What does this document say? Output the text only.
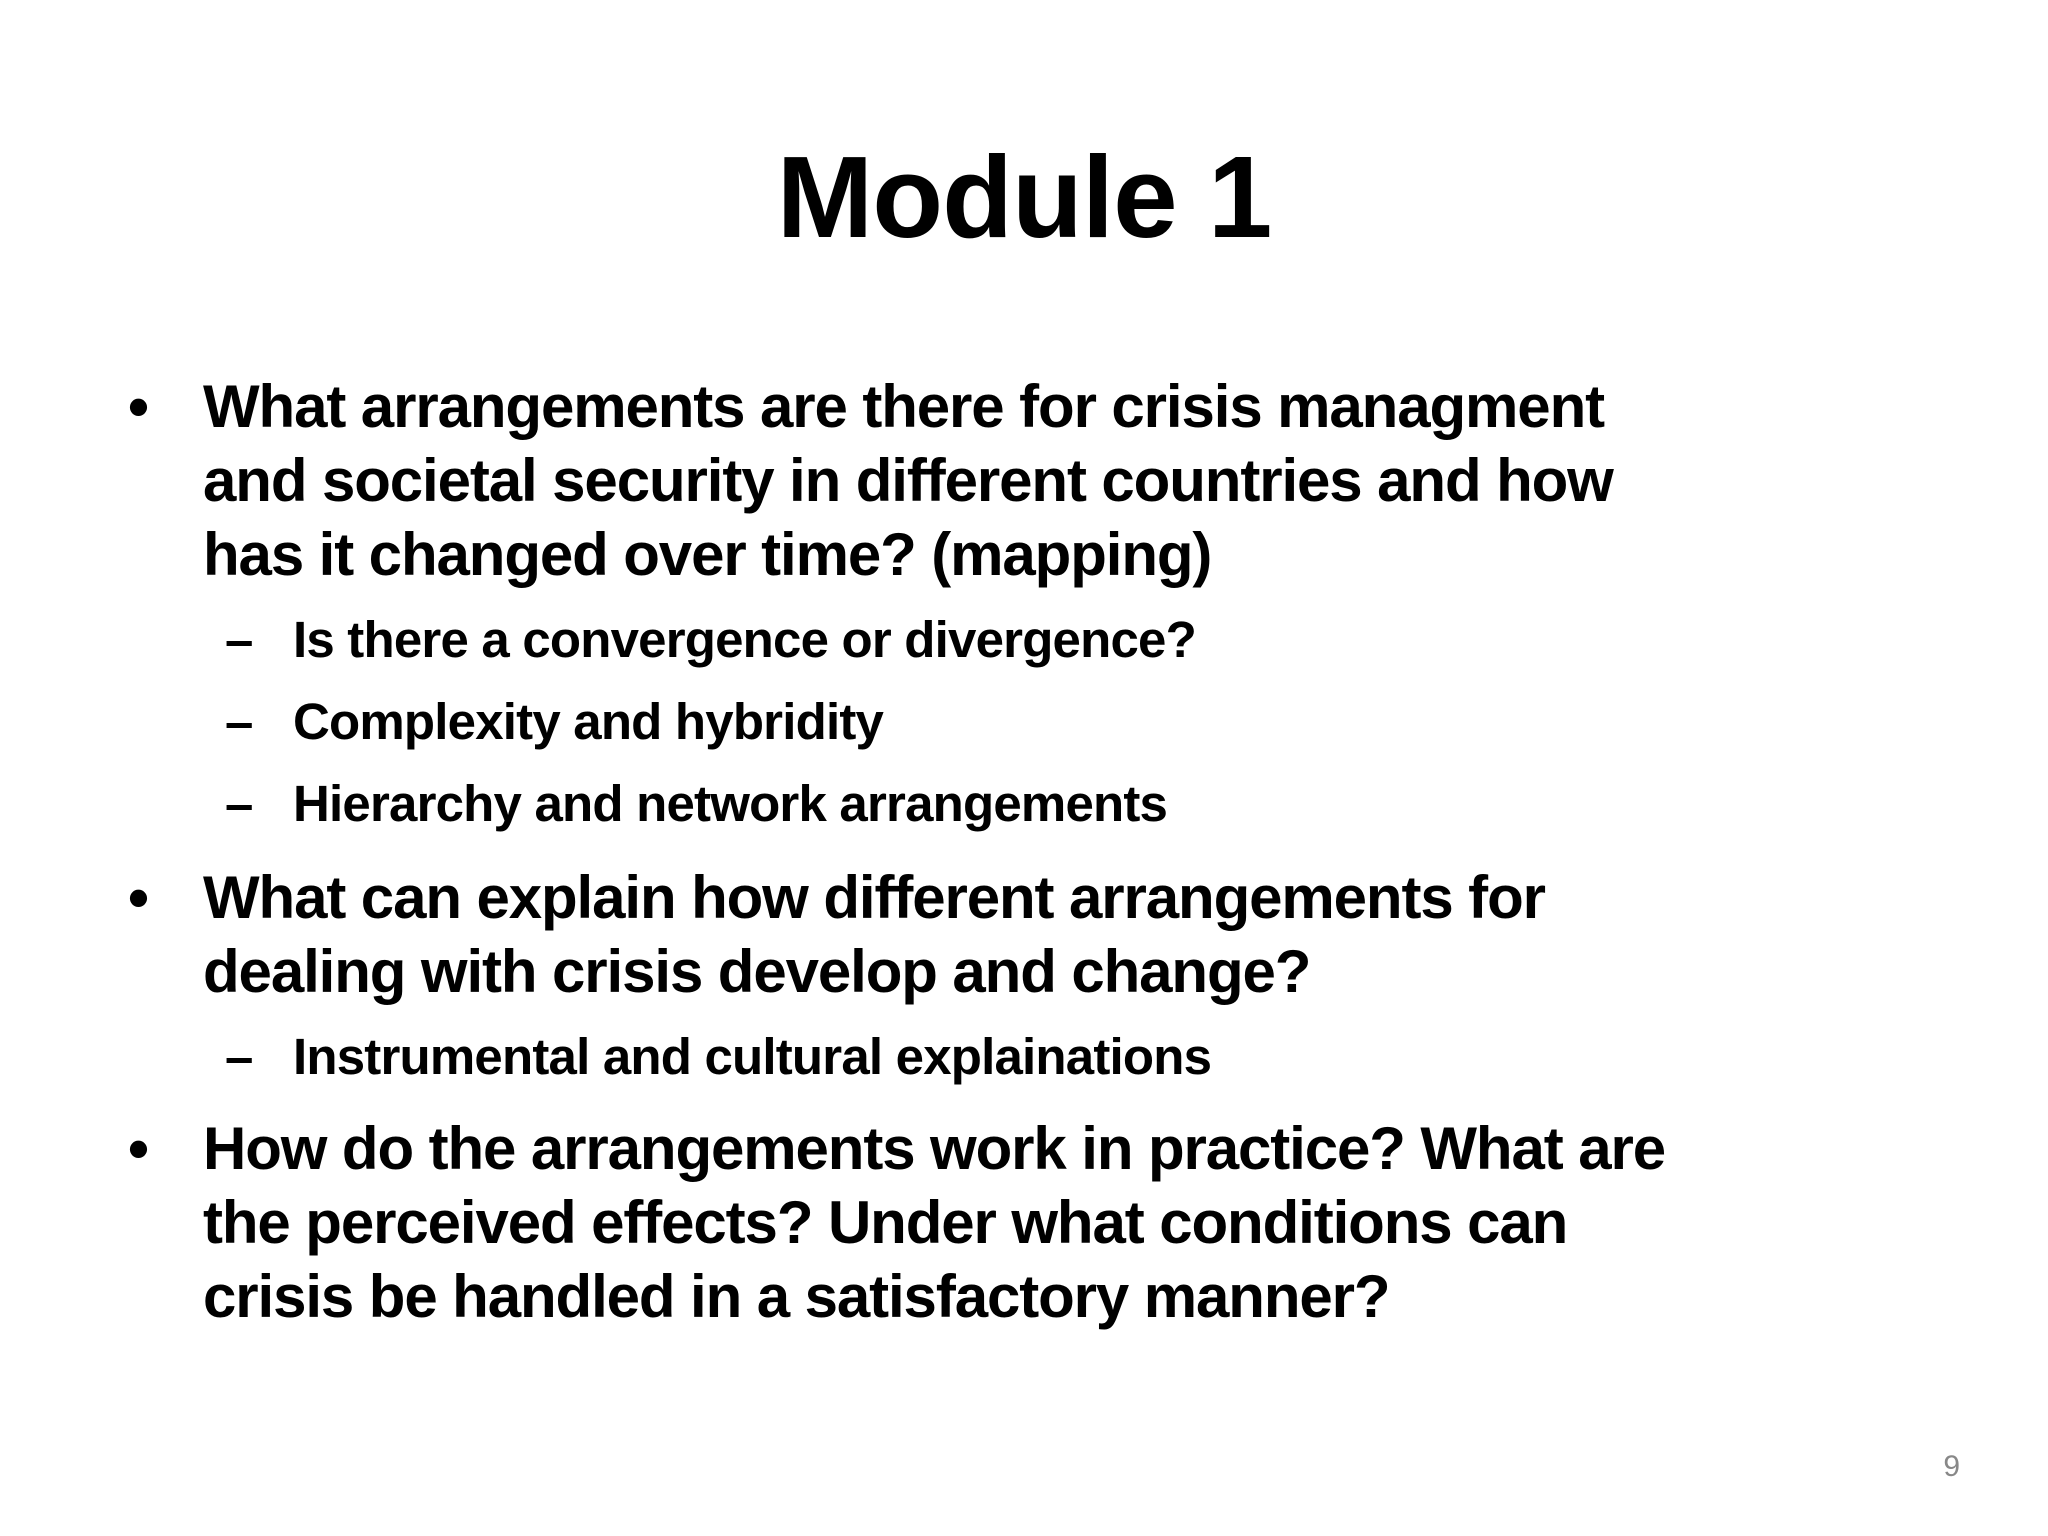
Module 1
• What arrangements are there for crisis managment
and societal security in different countries and how
has it changed over time? (mapping)
– Is there a convergence or divergence?
– Complexity and hybridity
– Hierarchy and network arrangements
• What can explain how different arrangements for
dealing with crisis develop and change?
– Instrumental and cultural explainations
• How do the arrangements work in practice? What are
the perceived effects? Under what conditions can
crisis be handled in a satisfactory manner?
9
